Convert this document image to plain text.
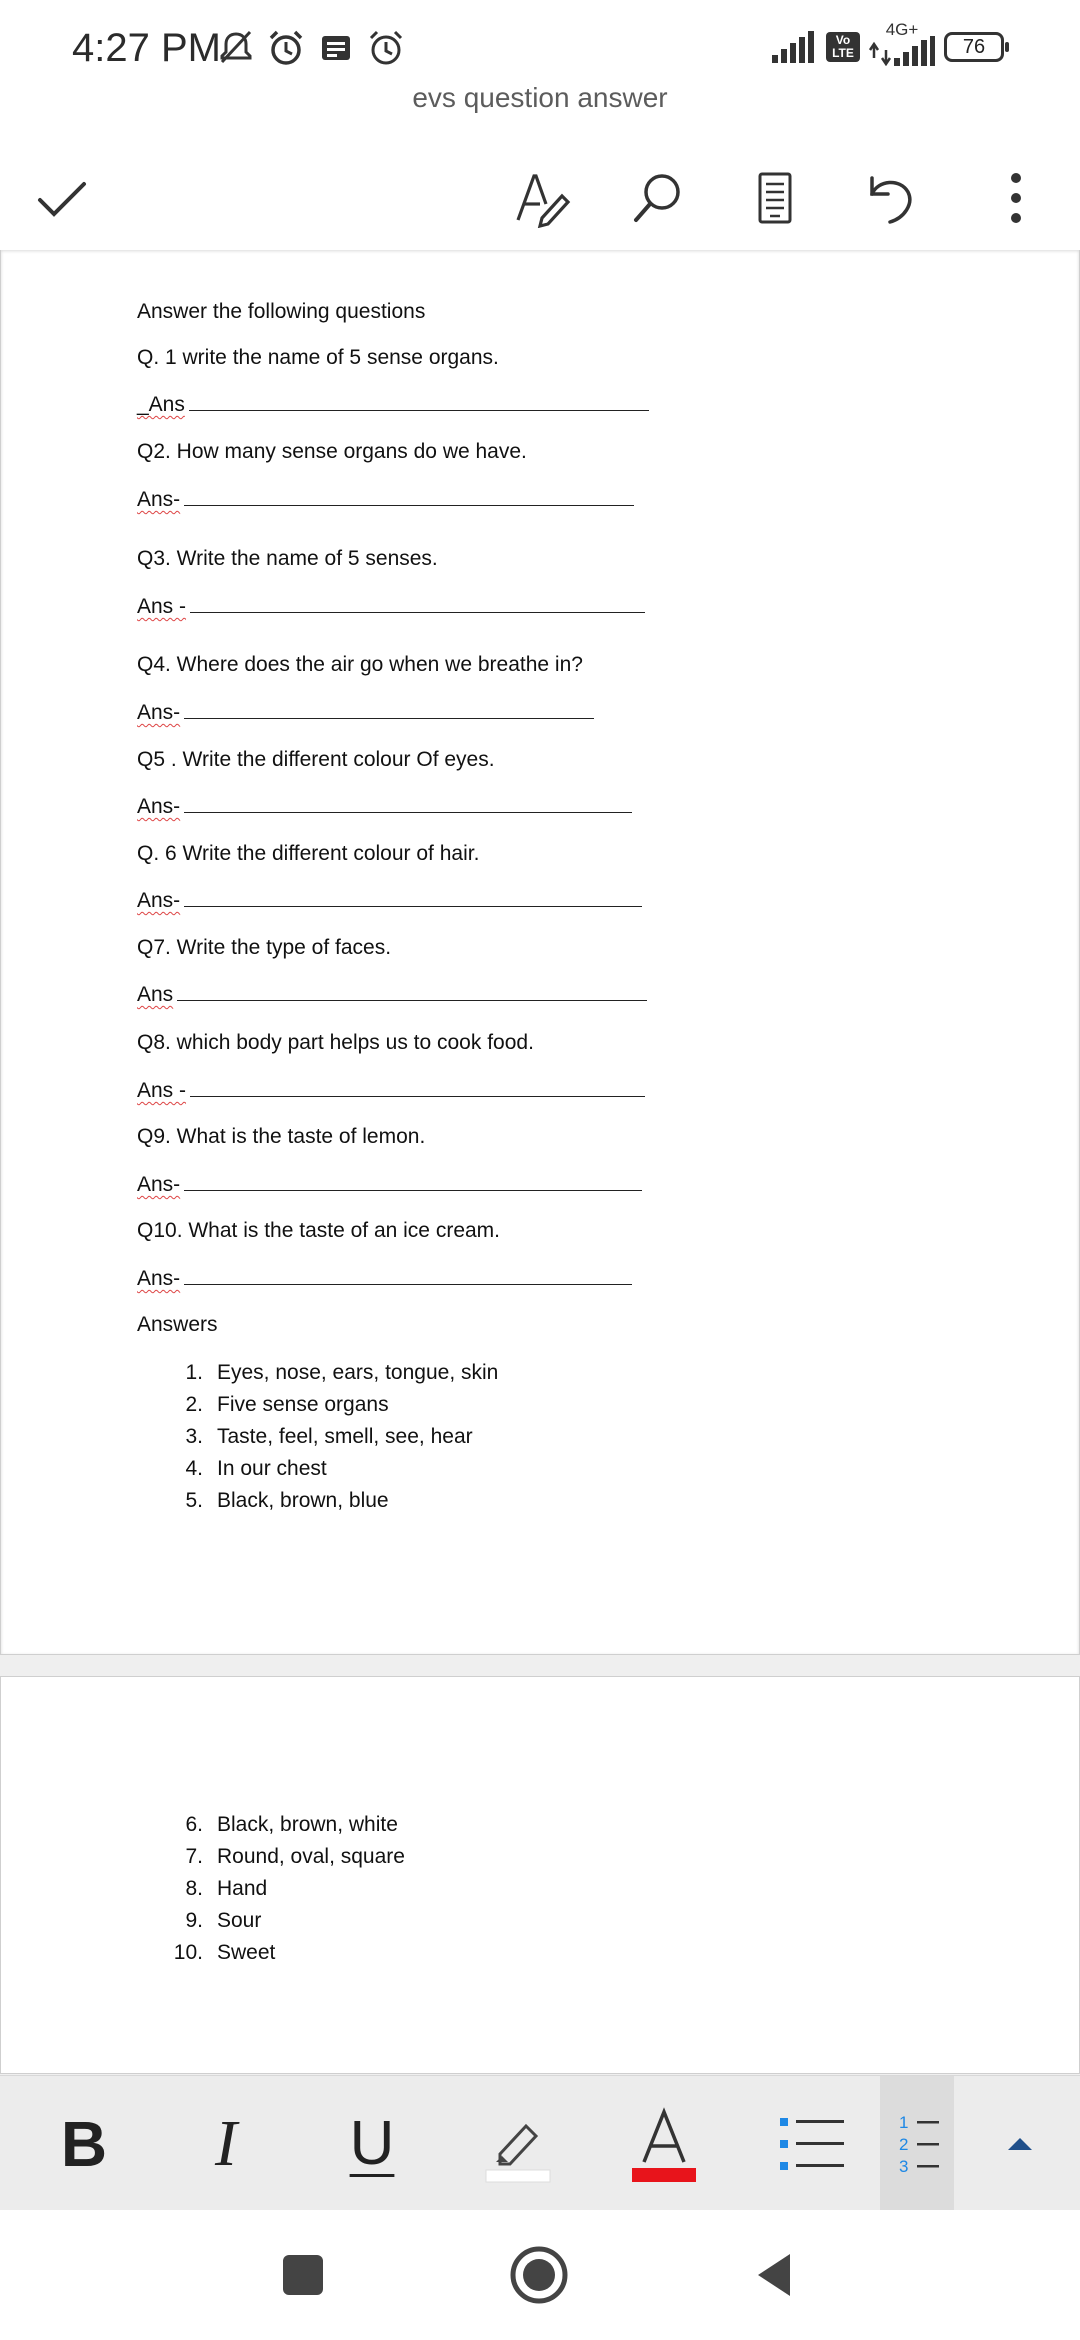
4:27 PM	Vo
LTE
4G+
76
evs question answer
Answer the following questions
Q. 1 write the name of 5 sense organs.
_Ans
Q2. How many sense organs do we have.
Ans-
Q3. Write the name of 5 senses.
Ans -
Q4. Where does the air go when we breathe in?
Ans-
Q5 . Write the different colour Of eyes.
Ans-
Q. 6 Write the different colour of hair.
Ans-
Q7. Write the type of faces.
Ans
Q8. which body part helps us to cook food.
Ans -
Q9. What is the taste of lemon.
Ans-
Q10. What is the taste of an ice cream.
Ans-
Answers
1. Eyes, nose, ears, tongue, skin
2. Five sense organs
3. Taste, feel, smell, see, hear
4. In our chest
5. Black, brown, blue
6. Black, brown, white
7. Round, oval, square
8. Hand
9. Sour
10. Sweet
B I U	1
2
3
